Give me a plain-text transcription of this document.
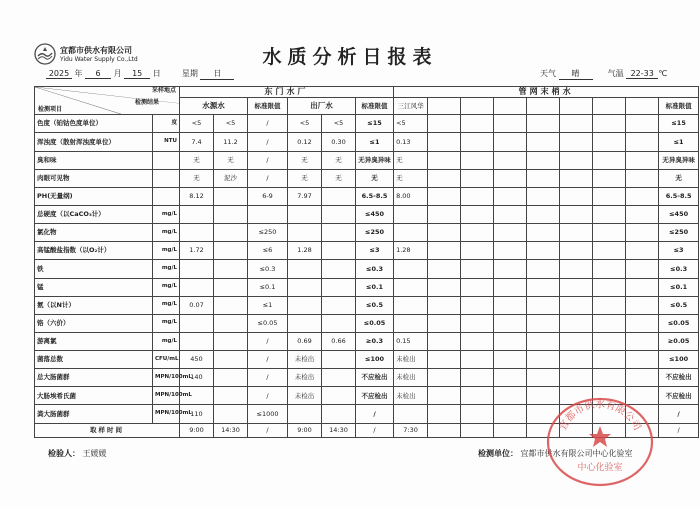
宜都市供水有限公司
Yidu Water Supply Co.,Ltd	水质分析日报表
2025 年 6 月 15 日	星期 日	天气 晴	气温 22-33 ℃
采样地点
检测结果
检测项目		东门水厂						管网末梢水								
		水源水		标准限值	出厂水		标准限值	三江风华								标准限值
色度（铂钴色度单位）	度	<5	<5	/	<5	<5	≤15	<5								≤15
浑浊度（散射浑浊度单位）	NTU	7.4	11.2	/	0.12	0.30	≤1	0.13								≤1
臭和味		无	无	/	无	无	无异臭异味	无								无异臭异味
肉眼可见物		无	泥沙	/	无	无	无	无								无
PH(无量纲)		8.12		6-9	7.97		6.5-8.5	8.00								6.5-8.5
总硬度（以CaCO₃计）	mg/L						≤450									≤450
氯化物	mg/L			≤250			≤250									≤250
高锰酸盐指数（以O₂计）	mg/L	1.72		≤6	1.28		≤3	1.28								≤3
铁	mg/L			≤0.3			≤0.3									≤0.3
锰	mg/L			≤0.1			≤0.1									≤0.1
氨（以N计）	mg/L	0.07		≤1			≤0.5									≤0.5
铬（六价）	mg/L			≤0.05			≤0.05									≤0.05
游离氯	mg/L			/	0.69	0.66	≥0.3	0.15								≥0.05
菌落总数	CFU/mL	450		/	未检出		≤100	未检出								≤100
总大肠菌群	MPN/100mL	140		/	未检出		不应检出	未检出								不应检出
大肠埃希氏菌	MPN/100mL			/	未检出		不应检出	未检出								不应检出
粪大肠菌群	MPN/100mL	110		≤1000			/									/
取样时间		9:00	14:30	/	9:00	14:30	/	7:30								/
检验人： 王媛媛	检测单位： 宜都市供水有限公司中心化验室
宜都市供水有限公司
中心化验室
